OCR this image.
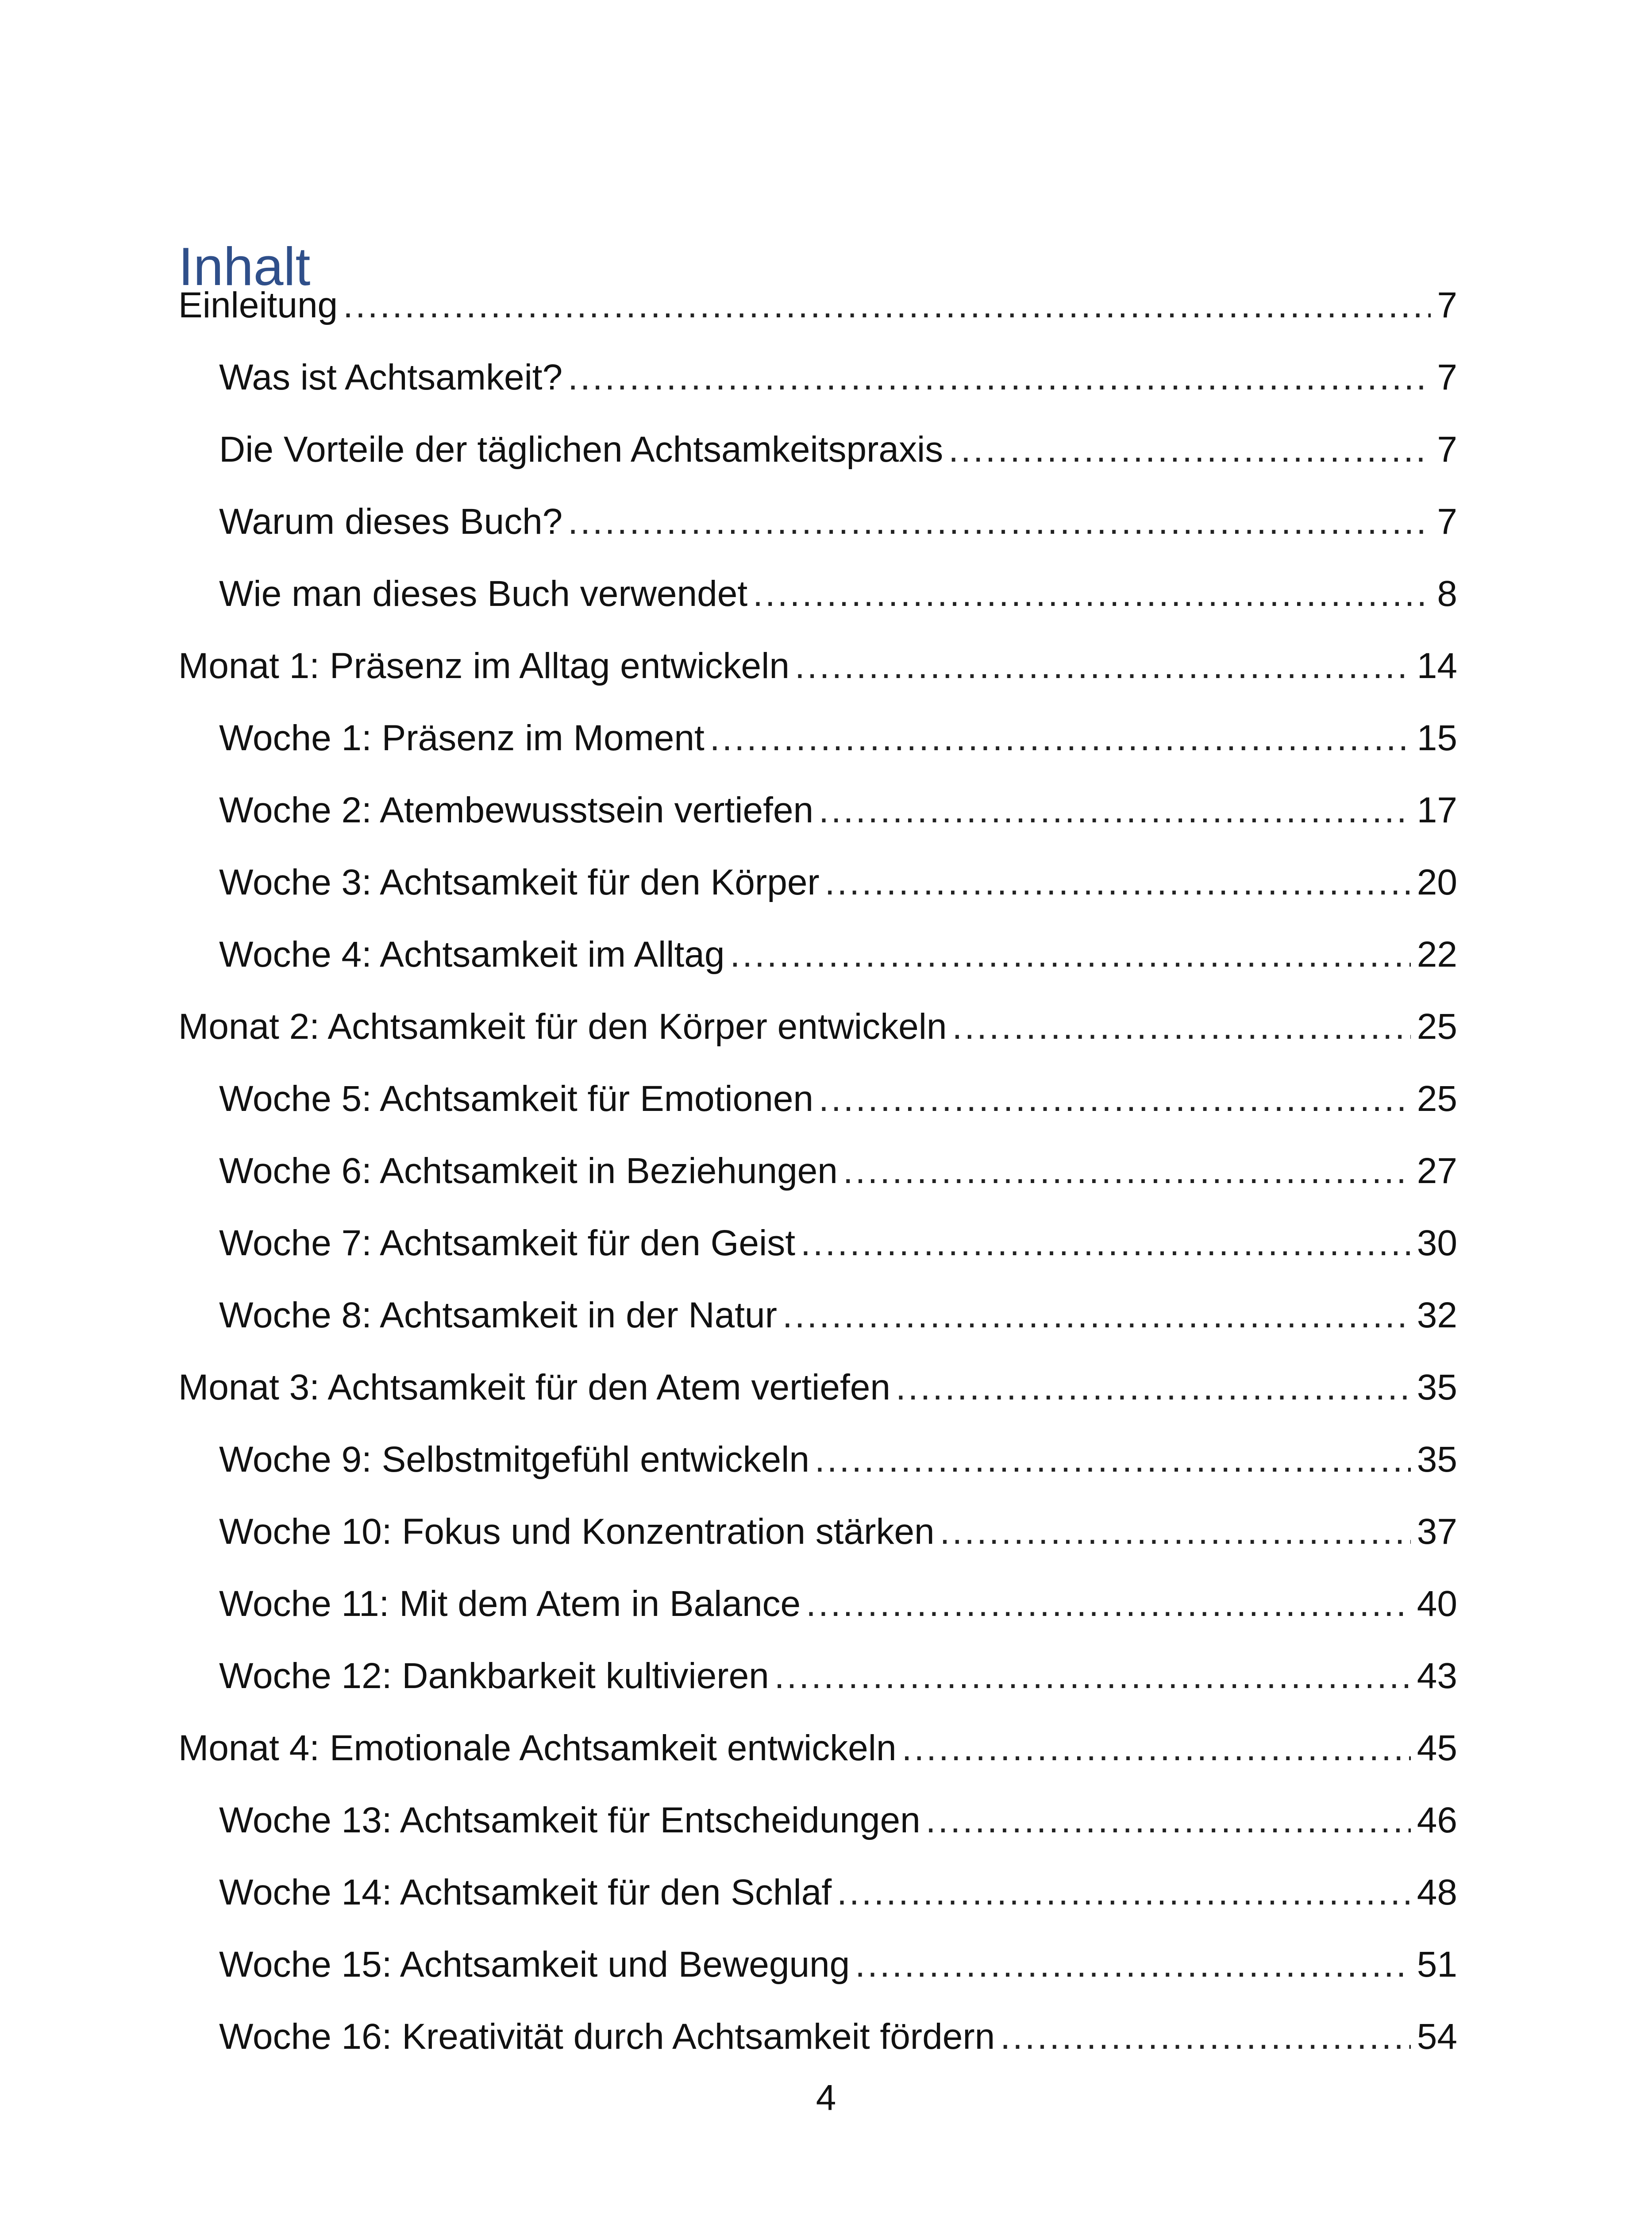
Inhalt
Einleitung .....	7
Was ist Achtsamkeit? .....	7
Die Vorteile der täglichen Achtsamkeitspraxis .....	7
Warum dieses Buch? .....	7
Wie man dieses Buch verwendet .....	8
Monat 1: Präsenz im Alltag entwickeln .....	14
Woche 1: Präsenz im Moment .....	15
Woche 2: Atembewusstsein vertiefen .....	17
Woche 3: Achtsamkeit für den Körper .....	20
Woche 4: Achtsamkeit im Alltag .....	22
Monat 2: Achtsamkeit für den Körper entwickeln .....	25
Woche 5: Achtsamkeit für Emotionen .....	25
Woche 6: Achtsamkeit in Beziehungen .....	27
Woche 7: Achtsamkeit für den Geist .....	30
Woche 8: Achtsamkeit in der Natur .....	32
Monat 3: Achtsamkeit für den Atem vertiefen .....	35
Woche 9: Selbstmitgefühl entwickeln .....	35
Woche 10: Fokus und Konzentration stärken .....	37
Woche 11: Mit dem Atem in Balance .....	40
Woche 12: Dankbarkeit kultivieren .....	43
Monat 4: Emotionale Achtsamkeit entwickeln .....	45
Woche 13: Achtsamkeit für Entscheidungen .....	46
Woche 14: Achtsamkeit für den Schlaf .....	48
Woche 15: Achtsamkeit und Bewegung .....	51
Woche 16: Kreativität durch Achtsamkeit fördern .....	54
4
